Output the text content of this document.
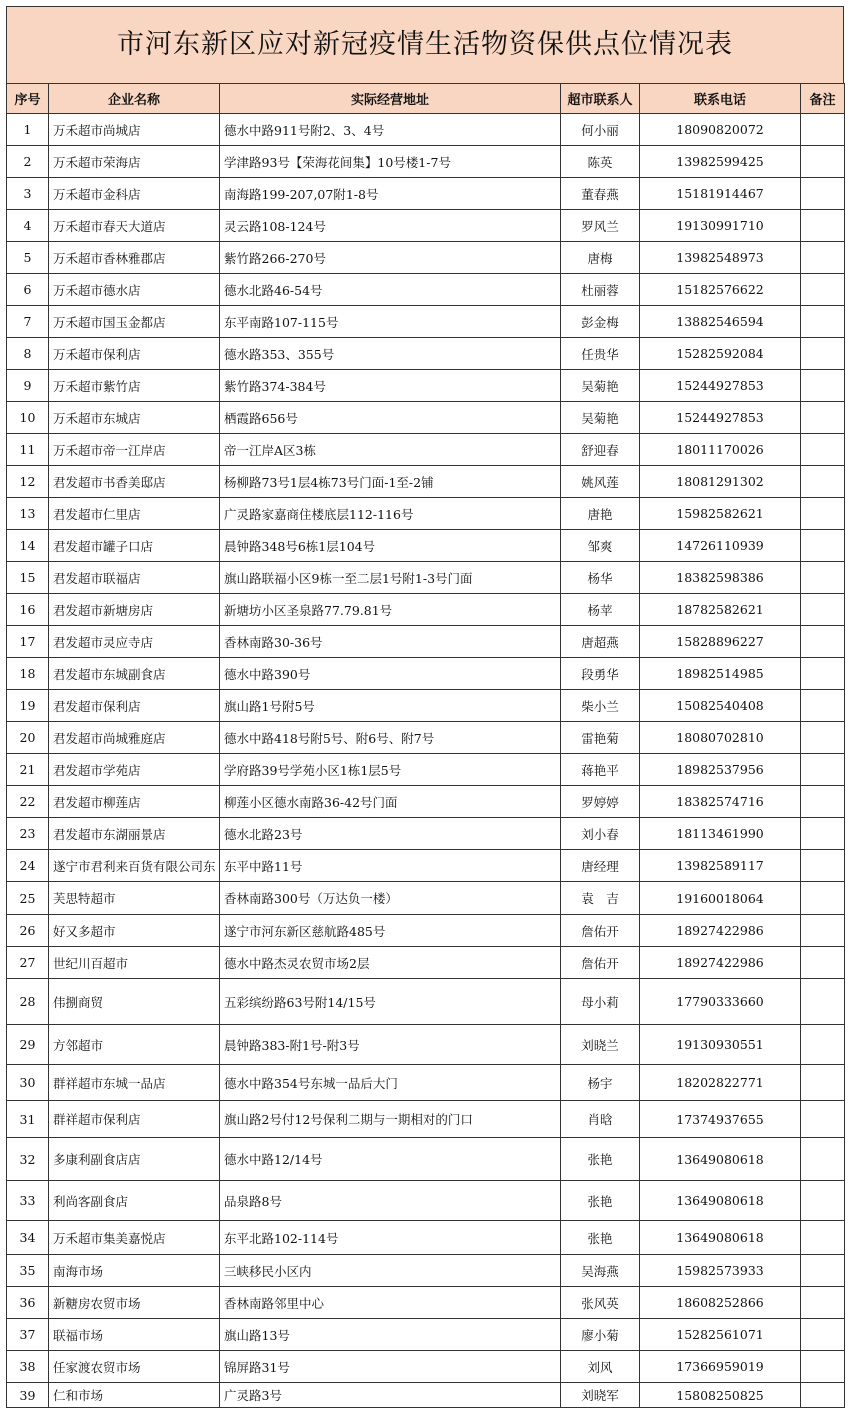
市河东新区应对新冠疫情生活物资保供点位情况表
序号	企业名称	实际经营地址	超市联系人	联系电话	备注
1	万禾超市尚城店	德水中路911号附2、3、4号	何小丽	18090820072	
2	万禾超市荣海店	学津路93号【荣海花间集】10号楼1-7号	陈英	13982599425	
3	万禾超市金科店	南海路199-207,07附1-8号	董春燕	15181914467	
4	万禾超市春天大道店	灵云路108-124号	罗风兰	19130991710	
5	万禾超市香林雅郡店	紫竹路266-270号	唐梅	13982548973	
6	万禾超市德水店	德水北路46-54号	杜丽蓉	15182576622	
7	万禾超市国玉金都店	东平南路107-115号	彭金梅	13882546594	
8	万禾超市保利店	德水路353、355号	任贵华	15282592084	
9	万禾超市紫竹店	紫竹路374-384号	吴菊艳	15244927853	
10	万禾超市东城店	栖霞路656号	吴菊艳	15244927853	
11	万禾超市帝一江岸店	帝一江岸A区3栋	舒迎春	18011170026	
12	君发超市书香美邸店	杨柳路73号1层4栋73号门面-1至-2铺	姚风莲	18081291302	
13	君发超市仁里店	广灵路家嘉商住楼底层112-116号	唐艳	15982582621	
14	君发超市罐子口店	晨钟路348号6栋1层104号	邹爽	14726110939	
15	君发超市联福店	旗山路联福小区9栋一至二层1号附1-3号门面	杨华	18382598386	
16	君发超市新塘房店	新塘坊小区圣泉路77.79.81号	杨苹	18782582621	
17	君发超市灵应寺店	香林南路30-36号	唐超燕	15828896227	
18	君发超市东城副食店	德水中路390号	段勇华	18982514985	
19	君发超市保利店	旗山路1号附5号	柴小兰	15082540408	
20	君发超市尚城雅庭店	德水中路418号附5号、附6号、附7号	雷艳菊	18080702810	
21	君发超市学苑店	学府路39号学苑小区1栋1层5号	蒋艳平	18982537956	
22	君发超市柳莲店	柳莲小区德水南路36-42号门面	罗婷婷	18382574716	
23	君发超市东湖丽景店	德水北路23号	刘小春	18113461990	
24	遂宁市君利来百货有限公司东	东平中路11号	唐经理	13982589117	
25	芙思特超市	香林南路300号（万达负一楼）	袁　吉	19160018064	
26	好又多超市	遂宁市河东新区慈航路485号	詹佑开	18927422986	
27	世纪川百超市	德水中路杰灵农贸市场2层	詹佑开	18927422986	
28	伟捌商贸	五彩缤纷路63号附14/15号	母小莉	17790333660	
29	方邻超市	晨钟路383-附1号-附3号	刘晓兰	19130930551	
30	群祥超市东城一品店	德水中路354号东城一品后大门	杨宇	18202822771	
31	群祥超市保利店	旗山路2号付12号保利二期与一期相对的门口	肖晗	17374937655	
32	多康利副食店店	德水中路12/14号	张艳	13649080618	
33	利尚客副食店	品泉路8号	张艳	13649080618	
34	万禾超市集美嘉悦店	东平北路102-114号	张艳	13649080618	
35	南海市场	三峡移民小区内	吴海燕	15982573933	
36	新糖房农贸市场	香林南路邻里中心	张风英	18608252866	
37	联福市场	旗山路13号	廖小菊	15282561071	
38	任家渡农贸市场	锦屏路31号	刘风	17366959019	
39	仁和市场	广灵路3号	刘晓军	15808250825	
